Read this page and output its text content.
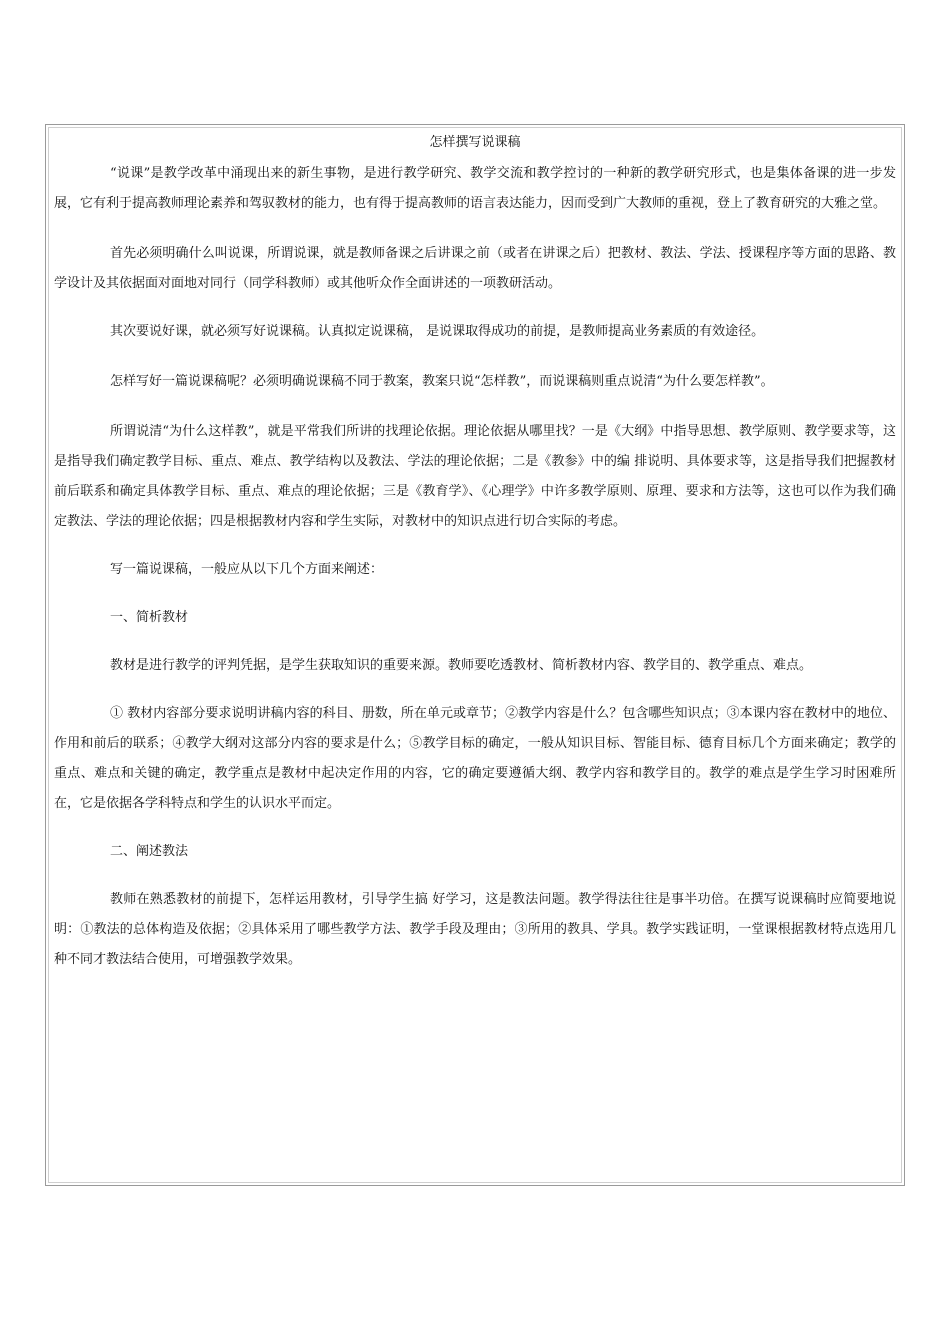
怎样撰写说课稿

“说课”是教学改革中涌现出来的新生事物，是进行教学研究、教学交流和教学控讨的一种新的教学研究形式，也是集体备课的进一步发展，它有利于提高教师理论素养和驾驭教材的能力，也有得于提高教师的语言表达能力，因而受到广大教师的重视，登上了教育研究的大雅之堂。

首先必须明确什么叫说课，所谓说课，就是教师备课之后讲课之前（或者在讲课之后）把教材、教法、学法、授课程序等方面的思路、教学设计及其依据面对面地对同行（同学科教师）或其他听众作全面讲述的一项教研活动。

其次要说好课，就必须写好说课稿。认真拟定说课稿， 是说课取得成功的前提，是教师提高业务素质的有效途径。

怎样写好一篇说课稿呢？必须明确说课稿不同于教案，教案只说“怎样教”，而说课稿则重点说清“为什么要怎样教”。

所谓说清“为什么这样教”，就是平常我们所讲的找理论依据。理论依据从哪里找？一是《大纲》中指导思想、教学原则、教学要求等，这是指导我们确定教学目标、重点、难点、教学结构以及教法、学法的理论依据；二是《教参》中的编 排说明、具体要求等，这是指导我们把握教材前后联系和确定具体教学目标、重点、难点的理论依据；三是《教育学》、《心理学》中许多教学原则、原理、要求和方法等，这也可以作为我们确定教法、学法的理论依据；四是根据教材内容和学生实际，对教材中的知识点进行切合实际的考虑。

写一篇说课稿，一般应从以下几个方面来阐述：

一、简析教材

教材是进行教学的评判凭据，是学生获取知识的重要来源。教师要吃透教材、简析教材内容、教学目的、教学重点、难点。

① 教材内容部分要求说明讲稿内容的科目、册数，所在单元或章节；②教学内容是什么？包含哪些知识点；③本课内容在教材中的地位、作用和前后的联系；④教学大纲对这部分内容的要求是什么；⑤教学目标的确定，一般从知识目标、智能目标、德育目标几个方面来确定；教学的重点、难点和关键的确定，教学重点是教材中起决定作用的内容，它的确定要遵循大纲、教学内容和教学目的。教学的难点是学生学习时困难所在，它是依据各学科特点和学生的认识水平而定。

二、阐述教法

教师在熟悉教材的前提下，怎样运用教材，引导学生搞 好学习，这是教法问题。教学得法往往是事半功倍。在撰写说课稿时应简要地说明：①教法的总体构造及依据；②具体采用了哪些教学方法、教学手段及理由；③所用的教具、学具。教学实践证明，一堂课根据教材特点选用几种不同才教法结合使用，可增强教学效果。
